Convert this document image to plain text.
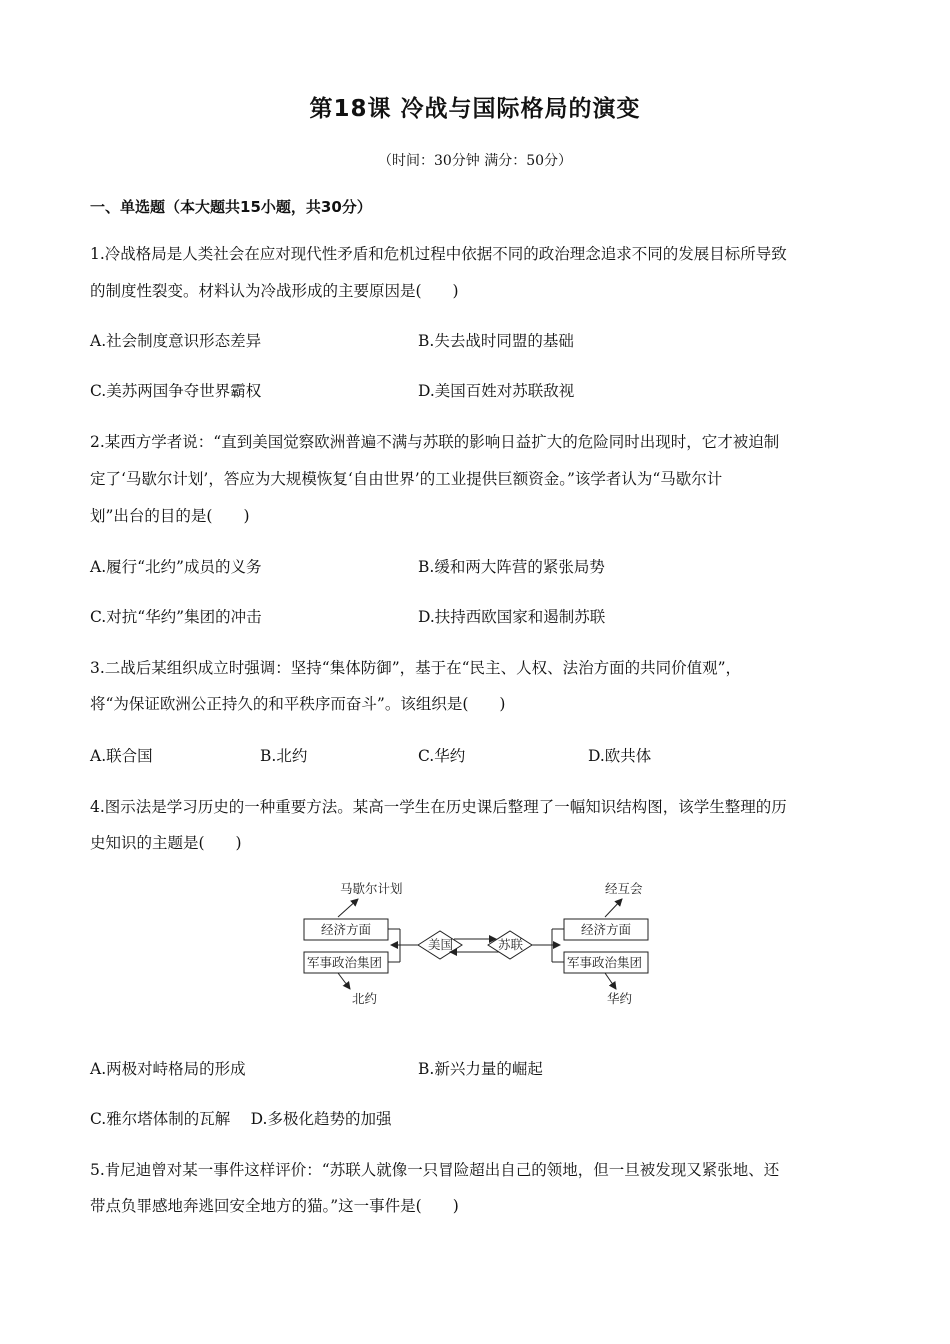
第18课 冷战与国际格局的演变
（时间：30分钟 满分：50分）
一、单选题（本大题共15小题，共30分）
1.冷战格局是人类社会在应对现代性矛盾和危机过程中依据不同的政治理念追求不同的发展目标所导致
的制度性裂变。材料认为冷战形成的主要原因是(　　)
A.社会制度意识形态差异	B.失去战时同盟的基础
C.美苏两国争夺世界霸权	D.美国百姓对苏联敌视
2.某西方学者说：“直到美国觉察欧洲普遍不满与苏联的影响日益扩大的危险同时出现时，它才被迫制
定了‘马歇尔计划’，答应为大规模恢复‘自由世界’的工业提供巨额资金。”该学者认为“马歇尔计
划”出台的目的是(　　)
A.履行“北约”成员的义务	B.缓和两大阵营的紧张局势
C.对抗“华约”集团的冲击	D.扶持西欧国家和遏制苏联
3.二战后某组织成立时强调：坚持“集体防御”，基于在“民主、人权、法治方面的共同价值观”，
将“为保证欧洲公正持久的和平秩序而奋斗”。该组织是(　　)
A.联合国	B.北约	C.华约	D.欧共体
4.图示法是学习历史的一种重要方法。某高一学生在历史课后整理了一幅知识结构图，该学生整理的历
史知识的主题是(　　)
马歇尔计划
经济方面
军事政治集团
北约
美国	苏联
经互会
经济方面
军事政治集团
华约
A.两极对峙格局的形成	B.新兴力量的崛起
C.雅尔塔体制的瓦解　 D.多极化趋势的加强
5.肯尼迪曾对某一事件这样评价：“苏联人就像一只冒险超出自己的领地，但一旦被发现又紧张地、还
带点负罪感地奔逃回安全地方的猫。”这一事件是(　　)
